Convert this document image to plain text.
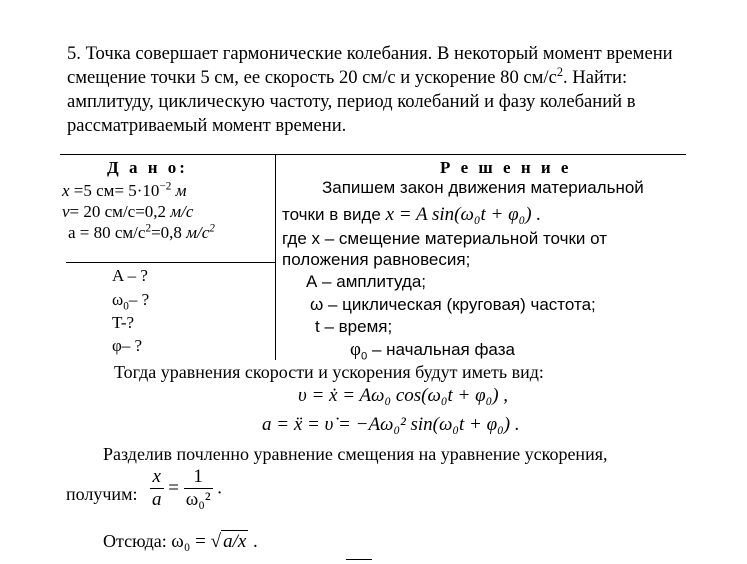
5. Точка совершает гармонические колебания. В некоторый момент времени
смещение точки 5 см, ее скорость 20 см/с и ускорение 80 $см/с^2$. Найти:
амплитуду, циклическую частоту, период колебаний и фазу колебаний в
рассматриваемый момент времени.
Д а н о:
x =5 $см= 5\cdot 10^{-2}$ м
v= 20 см/с=0,2 м/с
a = 80 $см/с^2=0,8$ $м/с^2$
A – ?
$\omega_0-$ ?
T-?
φ– ?
Р е ш е н и е
Запишем закон движения материальной
точки в виде x = A sin(ω₀t + φ₀) .
где х – смещение материальной точки от
положения равновесия;
А – амплитуда;
ω – циклическая (круговая) частота;
t – время;
$\varphi_0$ – начальная фаза
Тогда уравнения скорости и ускорения будут иметь вид:
υ = ẋ = Aω₀ cos(ω₀t + φ₀) ,
a = ẍ = υ̇ = −Aω₀² sin(ω₀t + φ₀) .
Разделив почленно уравнение смещения на уравнение ускорения,
получим: $\frac{x}{a} = \frac{1}{\text{ω₀²}}$ .
Отсюда: ω₀ = √ a/x .
